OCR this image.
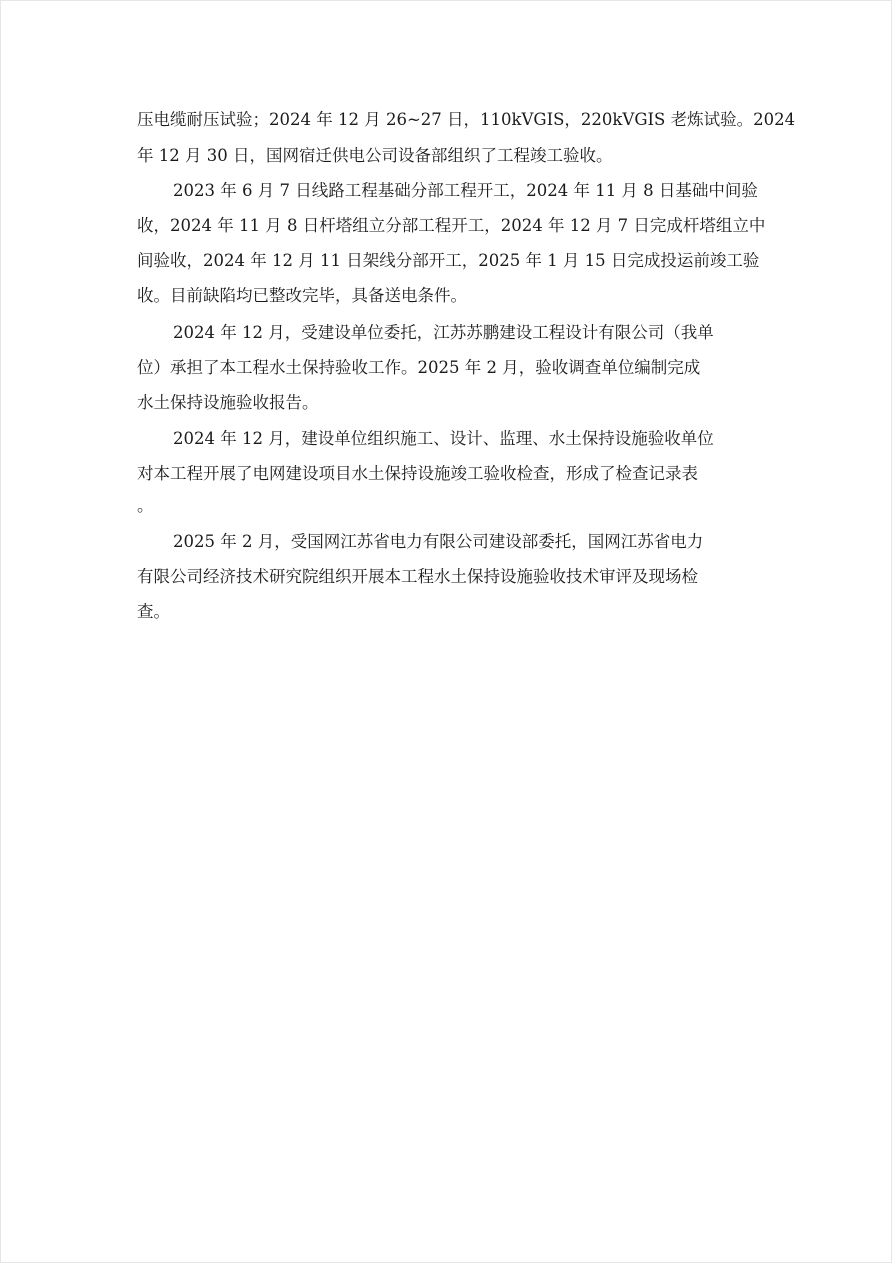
压电缆耐压试验；2024 年 12 月 26~27 日，110kVGIS，220kVGIS 老炼试验。2024
年 12 月 30 日，国网宿迁供电公司设备部组织了工程竣工验收。
2023 年 6 月 7 日线路工程基础分部工程开工，2024 年 11 月 8 日基础中间验
收，2024 年 11 月 8 日杆塔组立分部工程开工，2024 年 12 月 7 日完成杆塔组立中
间验收，2024 年 12 月 11 日架线分部开工，2025 年 1 月 15 日完成投运前竣工验
收。目前缺陷均已整改完毕，具备送电条件。
2024 年 12 月，受建设单位委托，江苏苏鹏建设工程设计有限公司（我单
位）承担了本工程水土保持验收工作。2025 年 2 月，验收调查单位编制完成
水土保持设施验收报告。
2024 年 12 月，建设单位组织施工、设计、监理、水土保持设施验收单位
对本工程开展了电网建设项目水土保持设施竣工验收检查，形成了检查记录表
。
2025 年 2 月，受国网江苏省电力有限公司建设部委托，国网江苏省电力
有限公司经济技术研究院组织开展本工程水土保持设施验收技术审评及现场检
查。
